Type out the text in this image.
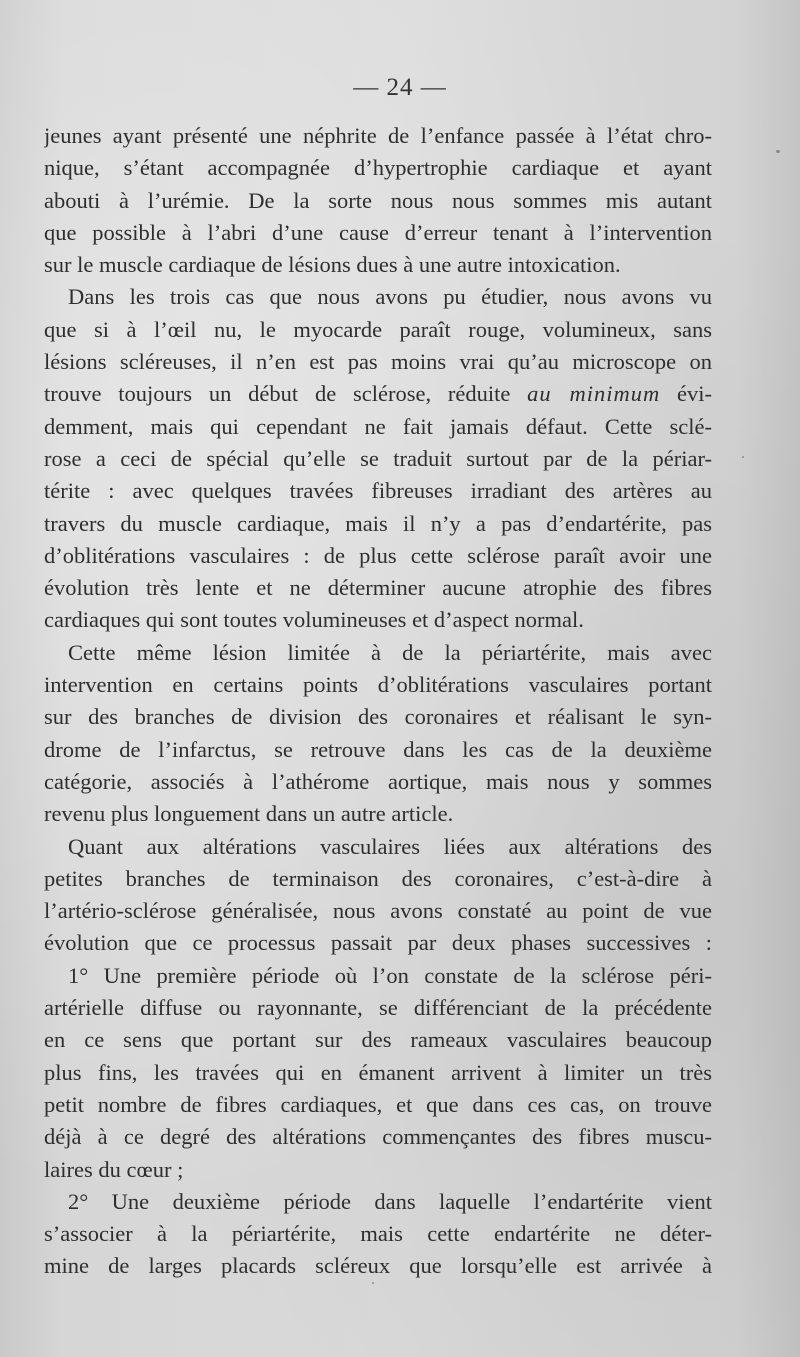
— 24 —
jeunes ayant présenté une néphrite de l’enfance passée à l’état chro-
nique, s’étant accompagnée d’hypertrophie cardiaque et ayant
abouti à l’urémie. De la sorte nous nous sommes mis autant
que possible à l’abri d’une cause d’erreur tenant à l’intervention
sur le muscle cardiaque de lésions dues à une autre intoxication.
Dans les trois cas que nous avons pu étudier, nous avons vu
que si à l’œil nu, le myocarde paraît rouge, volumineux, sans
lésions scléreuses, il n’en est pas moins vrai qu’au microscope on
trouve toujours un début de sclérose, réduite au minimum évi-
demment, mais qui cependant ne fait jamais défaut. Cette sclé-
rose a ceci de spécial qu’elle se traduit surtout par de la périar-
térite : avec quelques travées fibreuses irradiant des artères au
travers du muscle cardiaque, mais il n’y a pas d’endartérite, pas
d’oblitérations vasculaires : de plus cette sclérose paraît avoir une
évolution très lente et ne déterminer aucune atrophie des fibres
cardiaques qui sont toutes volumineuses et d’aspect normal.
Cette même lésion limitée à de la périartérite, mais avec
intervention en certains points d’oblitérations vasculaires portant
sur des branches de division des coronaires et réalisant le syn-
drome de l’infarctus, se retrouve dans les cas de la deuxième
catégorie, associés à l’athérome aortique, mais nous y sommes
revenu plus longuement dans un autre article.
Quant aux altérations vasculaires liées aux altérations des
petites branches de terminaison des coronaires, c’est-à-dire à
l’artério-sclérose généralisée, nous avons constaté au point de vue
évolution que ce processus passait par deux phases successives :
1° Une première période où l’on constate de la sclérose péri-
artérielle diffuse ou rayonnante, se différenciant de la précédente
en ce sens que portant sur des rameaux vasculaires beaucoup
plus fins, les travées qui en émanent arrivent à limiter un très
petit nombre de fibres cardiaques, et que dans ces cas, on trouve
déjà à ce degré des altérations commençantes des fibres muscu-
laires du cœur ;
2° Une deuxième période dans laquelle l’endartérite vient
s’associer à la périartérite, mais cette endartérite ne déter-
mine de larges placards scléreux que lorsqu’elle est arrivée à
